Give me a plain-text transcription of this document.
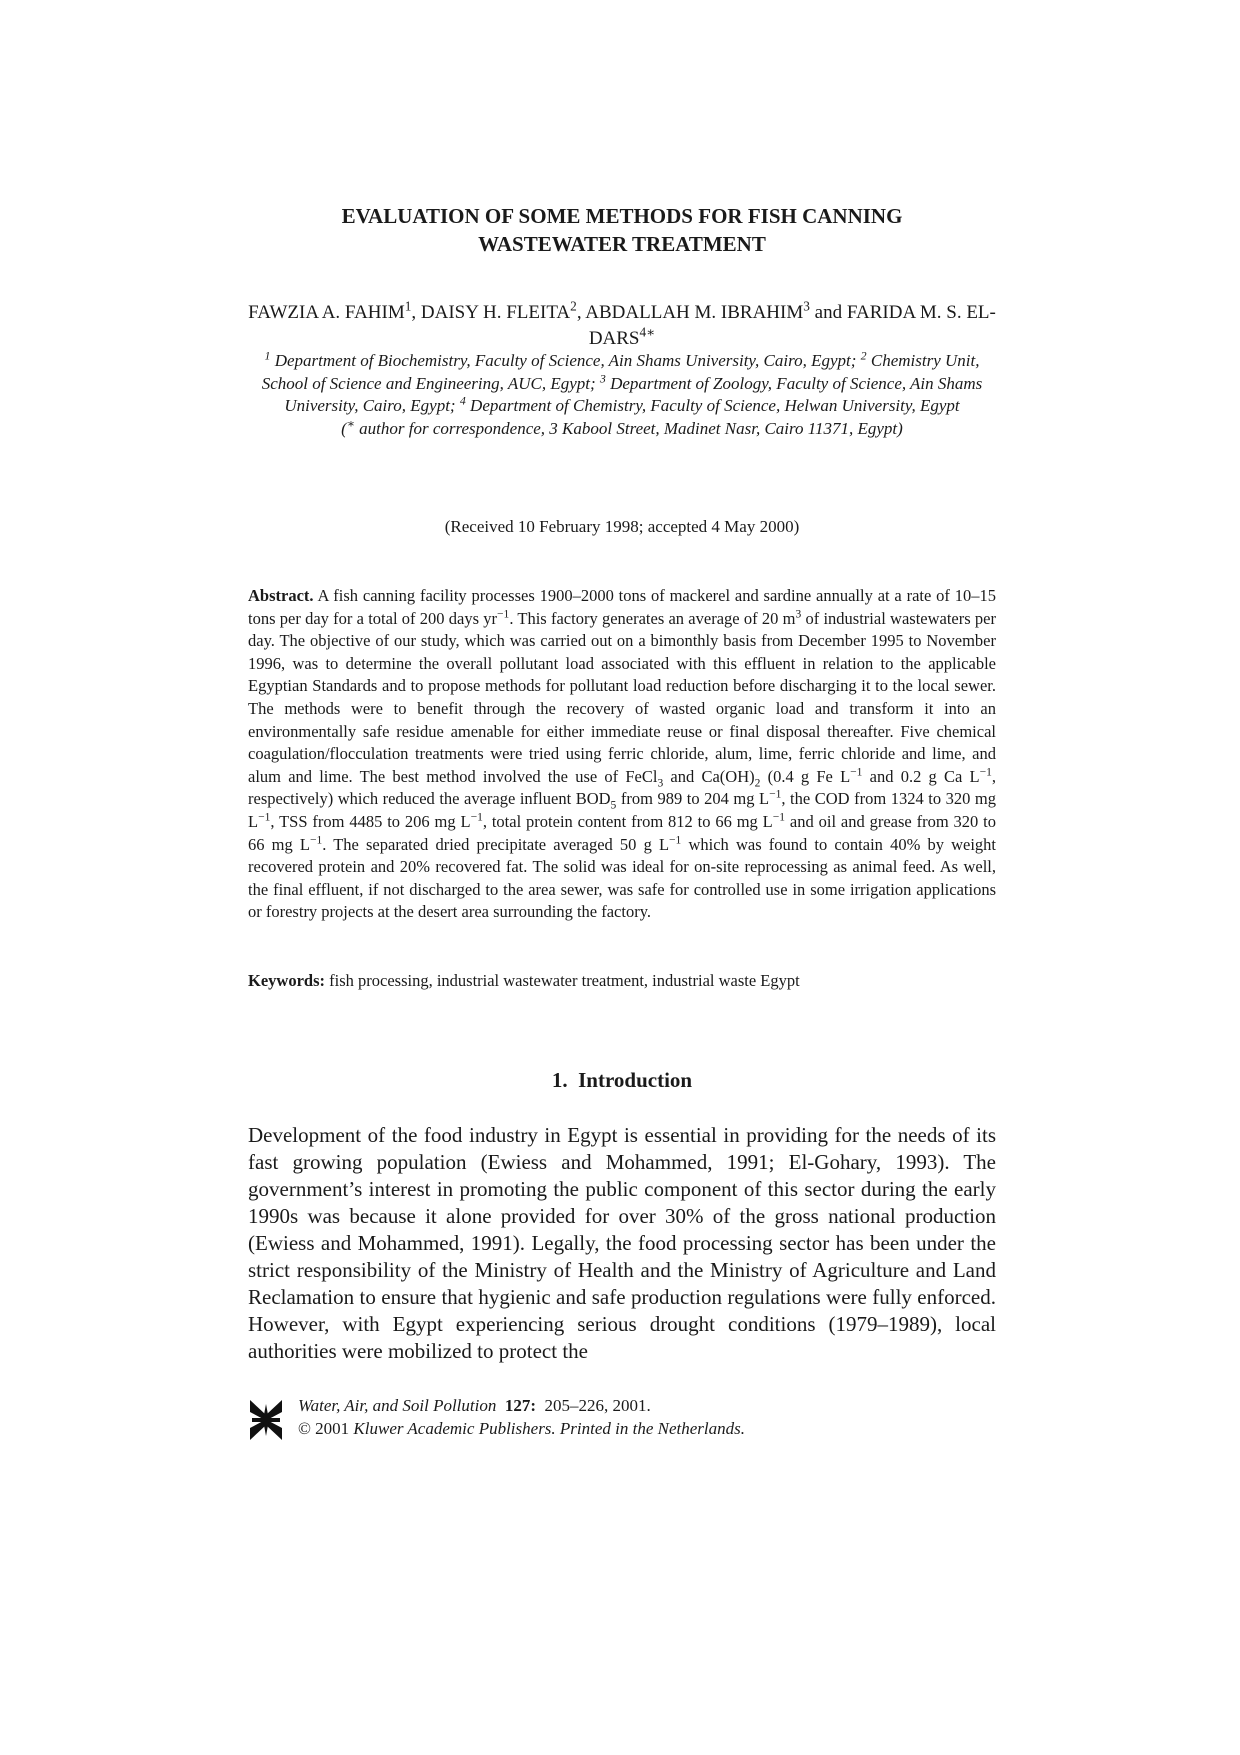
EVALUATION OF SOME METHODS FOR FISH CANNING
WASTEWATER TREATMENT

FAWZIA A. FAHIM$^1$, DAISY H. FLEITA$^2$, ABDALLAH M. IBRAHIM$^3$ and FARIDA M. S. $EL-DARS^{4∗}$

$^1$ Department of Biochemistry, Faculty of Science, Ain Shams University, Cairo, Egypt; $^2$ Chemistry Unit, School of Science and Engineering, AUC, Egypt; $^3$ Department of Zoology, Faculty of Science, Ain Shams University, Cairo, Egypt; $^4$ Department of Chemistry, Faculty of Science, Helwan University, Egypt
(∗ author for correspondence, 3 Kabool Street, Madinet Nasr, Cairo 11371, Egypt)

(Received 10 February 1998; accepted 4 May 2000)

Abstract. A fish canning facility processes 1900–2000 tons of mackerel and sardine annually at a rate of 10–15 tons per day for a total of 200 days $yr^{-1}$. This factory generates an average of 20 $m^3$ of industrial wastewaters per day. The objective of our study, which was carried out on a bimonthly basis from December 1995 to November 1996, was to determine the overall pollutant load associated with this effluent in relation to the applicable Egyptian Standards and to propose methods for pollutant load reduction before discharging it to the local sewer. The methods were to benefit through the recovery of wasted organic load and transform it into an environmentally safe residue amenable for either immediate reuse or final disposal thereafter. Five chemical coagulation/flocculation treatments were tried using ferric chloride, alum, lime, ferric chloride and lime, and alum and lime. The best method involved the use of FeCl$_3$ and $Ca(OH)_2$ (0.4 g Fe $L^{-1}$ and 0.2 g Ca $L^{-1}$, respectively) which reduced the average influent $BOD_5$ from 989 to 204 mg $L^{-1}$, the COD from 1324 to 320 mg $L^{-1}$, TSS from 4485 to 206 mg $L^{-1}$, total protein content from 812 to 66 mg $L^{-1}$ and oil and grease from 320 to 66 mg $L^{-1}$. The separated dried precipitate averaged 50 g $L^{-1}$ which was found to contain 40% by weight recovered protein and 20% recovered fat. The solid was ideal for on-site reprocessing as animal feed. As well, the final effluent, if not discharged to the area sewer, was safe for controlled use in some irrigation applications or forestry projects at the desert area surrounding the factory.

Keywords: fish processing, industrial wastewater treatment, industrial waste Egypt

1. Introduction

Development of the food industry in Egypt is essential in providing for the needs of its fast growing population (Ewiess and Mohammed, 1991; El-Gohary, 1993). The government’s interest in promoting the public component of this sector during the early 1990s was because it alone provided for over 30% of the gross national production (Ewiess and Mohammed, 1991). Legally, the food processing sector has been under the strict responsibility of the Ministry of Health and the Ministry of Agriculture and Land Reclamation to ensure that hygienic and safe production regulations were fully enforced. However, with Egypt experiencing serious drought conditions (1979–1989), local authorities were mobilized to protect the

Water, Air, and Soil Pollution 127: 205–226, 2001.
© 2001 Kluwer Academic Publishers. Printed in the Netherlands.
